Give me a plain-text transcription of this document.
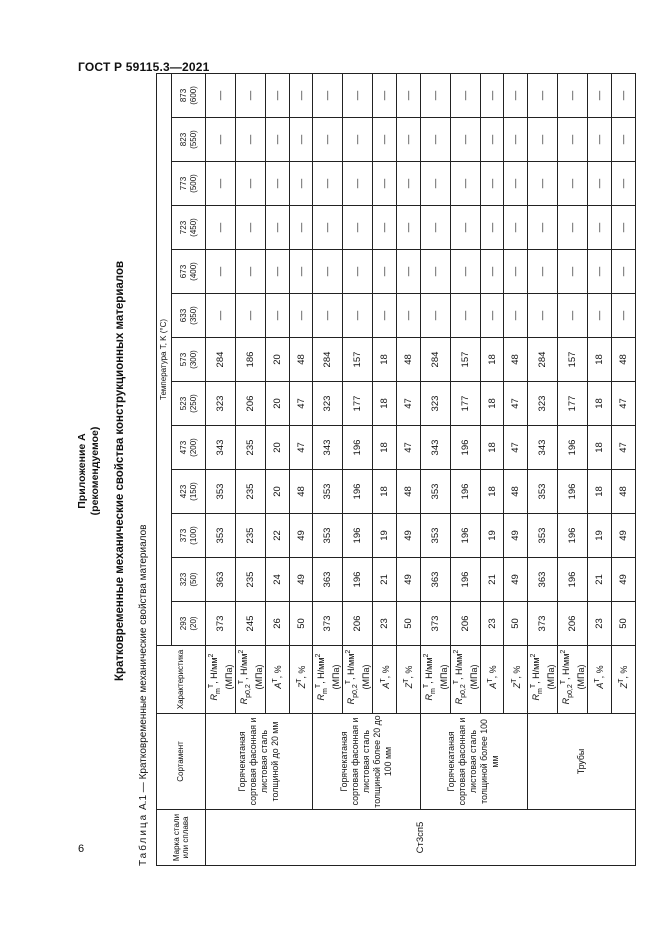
ГОСТ Р 59115.3—2021
6
Приложение А (рекомендуемое) Кратковременные механические свойства конструкционных материалов
Таблица А.1 — Кратковременные механические свойства материалов
Марка стали или сплава	Сортамент	Характеристика	Температура T, K (°C)												
			293
(20)	323
(50)	373
(100)	423
(150)	473
(200)	523
(250)	573
(300)	633
(350)	673
(400)	723
(450)	773
(500)	823
(550)	873
(600)
Ст3сп5	Горячекатаная сортовая фасонная и листовая сталь толщиной до 20 мм	$R_m^T$, $Н/мм^2$
(МПа)	373	363	353	353	343	323	284	—	—	—	—	—	—
		$R_{p0,2}^T$, $Н/мм^2$
(МПа)	245	235	235	235	235	206	186	—	—	—	—	—	—
		$A^T$, %	26	24	22	20	20	20	20	—	—	—	—	—	—
		$Z^T$, %	50	49	49	48	47	47	48	—	—	—	—	—	—
	Горячекатаная сортовая фасонная и листовая сталь толщиной более 20 до 100 мм	$R_m^T$, $Н/мм^2$
(МПа)	373	363	353	353	343	323	284	—	—	—	—	—	—
		$R_{p0,2}^T$, $Н/мм^2$
(МПа)	206	196	196	196	196	177	157	—	—	—	—	—	—
		$A^T$, %	23	21	19	18	18	18	18	—	—	—	—	—	—
		$Z^T$, %	50	49	49	48	47	47	48	—	—	—	—	—	—
	Горячекатаная сортовая фасонная и листовая сталь толщиной более 100 мм	$R_m^T$, $Н/мм^2$
(МПа)	373	363	353	353	343	323	284	—	—	—	—	—	—
		$R_{p0,2}^T$, $Н/мм^2$
(МПа)	206	196	196	196	196	177	157	—	—	—	—	—	—
		$A^T$, %	23	21	19	18	18	18	18	—	—	—	—	—	—
		$Z^T$, %	50	49	49	48	47	47	48	—	—	—	—	—	—
	Трубы	$R_m^T$, $Н/мм^2$
(МПа)	373	363	353	353	343	323	284	—	—	—	—	—	—
		$R_{p0,2}^T$, $Н/мм^2$
(МПа)	206	196	196	196	196	177	157	—	—	—	—	—	—
		$A^T$, %	23	21	19	18	18	18	18	—	—	—	—	—	—
		$Z^T$, %	50	49	49	48	47	47	48	—	—	—	—	—	—
